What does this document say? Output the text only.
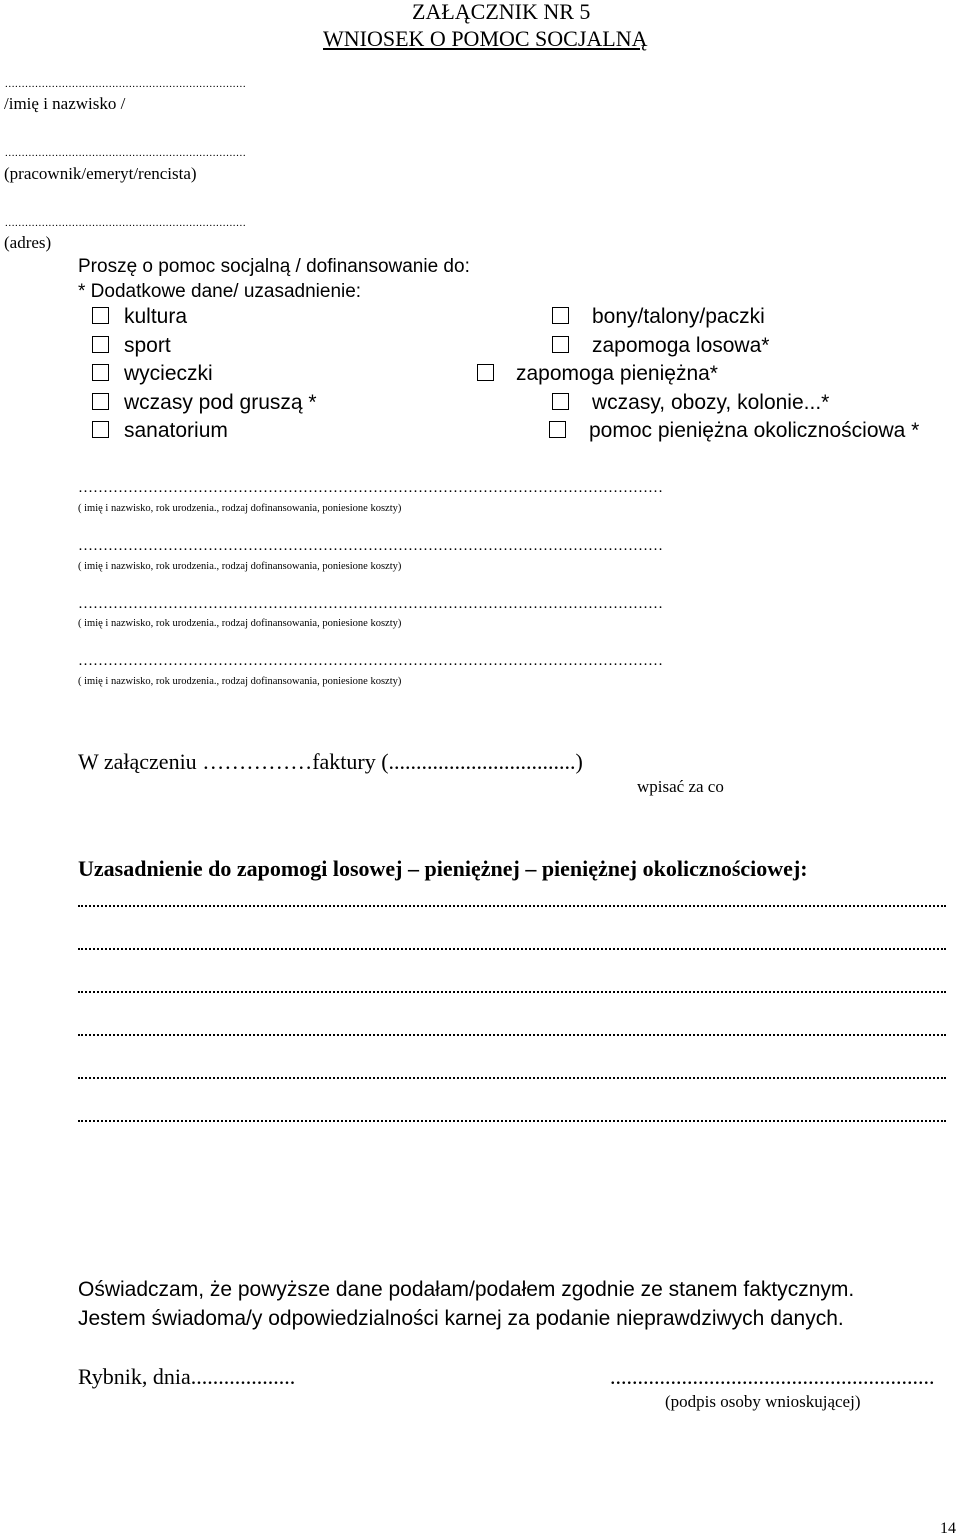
ZAŁĄCZNIK NR 5
WNIOSEK O POMOC SOCJALNĄ
........................................................................
/imię i nazwisko /
........................................................................
(pracownik/emeryt/rencista)
........................................................................
(adres)
Proszę o pomoc socjalną / dofinansowanie do:
* Dodatkowe dane/ uzasadnienie:
kultura
sport
wycieczki
wczasy pod gruszą *
sanatorium
bony/talony/paczki
zapomoga losowa*
zapomoga pieniężna*
wczasy, obozy, kolonie...*
pomoc pieniężna okolicznościowa *
………………………………………………………………………………………………………
( imię i nazwisko, rok urodzenia., rodzaj dofinansowania, poniesione koszty)
………………………………………………………………………………………………………
( imię i nazwisko, rok urodzenia., rodzaj dofinansowania, poniesione koszty)
………………………………………………………………………………………………………
( imię i nazwisko, rok urodzenia., rodzaj dofinansowania, poniesione koszty)
………………………………………………………………………………………………………
( imię i nazwisko, rok urodzenia., rodzaj dofinansowania, poniesione koszty)
W załączeniu ……………faktury (..................................)
wpisać za co
Uzasadnienie do zapomogi losowej – pieniężnej – pieniężnej okolicznościowej:
Oświadczam, że powyższe dane podałam/podałem zgodnie ze stanem faktycznym.
Jestem świadoma/y odpowiedzialności karnej za podanie nieprawdziwych danych.
Rybnik, dnia...................	...........................................................
(podpis osoby wnioskującej)
14
